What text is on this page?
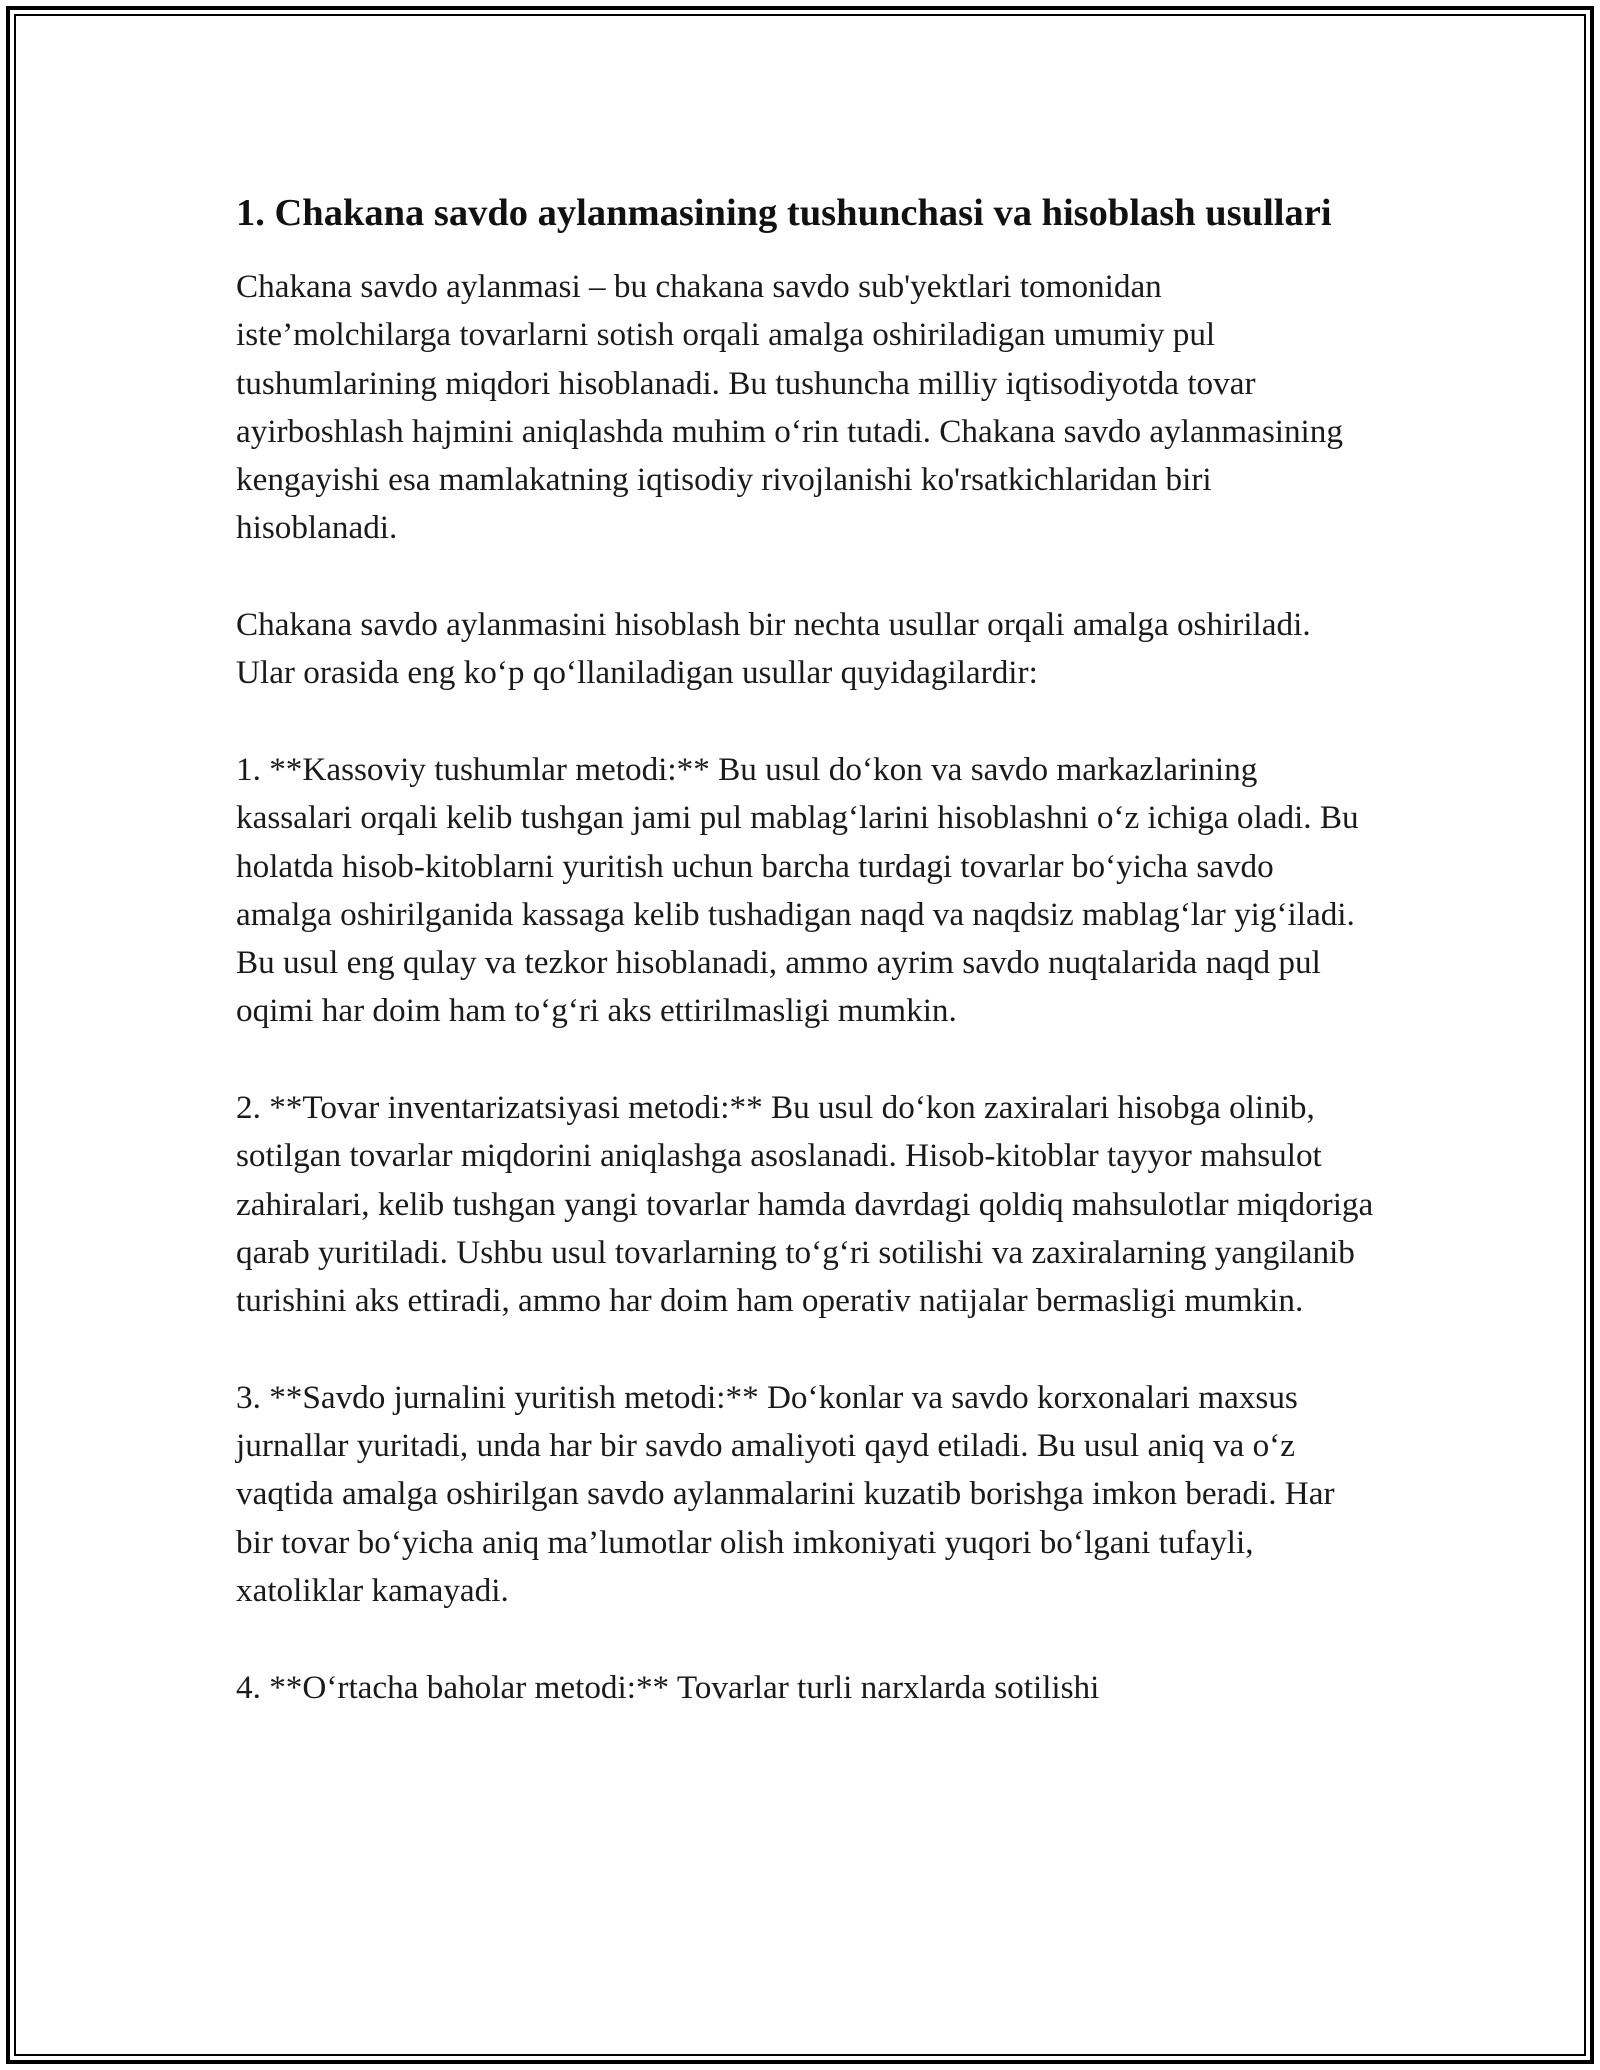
1. Chakana savdo aylanmasining tushunchasi va hisoblash usullari

Chakana savdo aylanmasi – bu chakana savdo sub'yektlari tomonidan iste’molchilarga tovarlarni sotish orqali amalga oshiriladigan umumiy pul tushumlarining miqdori hisoblanadi. Bu tushuncha milliy iqtisodiyotda tovar ayirboshlash hajmini aniqlashda muhim o‘rin tutadi. Chakana savdo aylanmasining kengayishi esa mamlakatning iqtisodiy rivojlanishi ko'rsatkichlaridan biri hisoblanadi.

Chakana savdo aylanmasini hisoblash bir nechta usullar orqali amalga oshiriladi. Ular orasida eng ko‘p qo‘llaniladigan usullar quyidagilardir:

1. **Kassoviy tushumlar metodi:** Bu usul do‘kon va savdo markazlarining kassalari orqali kelib tushgan jami pul mablag‘larini hisoblashni o‘z ichiga oladi. Bu holatda hisob-kitoblarni yuritish uchun barcha turdagi tovarlar bo‘yicha savdo amalga oshirilganida kassaga kelib tushadigan naqd va naqdsiz mablag‘lar yig‘iladi. Bu usul eng qulay va tezkor hisoblanadi, ammo ayrim savdo nuqtalarida naqd pul oqimi har doim ham to‘g‘ri aks ettirilmasligi mumkin.

2. **Tovar inventarizatsiyasi metodi:** Bu usul do‘kon zaxiralari hisobga olinib, sotilgan tovarlar miqdorini aniqlashga asoslanadi. Hisob-kitoblar tayyor mahsulot zahiralari, kelib tushgan yangi tovarlar hamda davrdagi qoldiq mahsulotlar miqdoriga qarab yuritiladi. Ushbu usul tovarlarning to‘g‘ri sotilishi va zaxiralarning yangilanib turishini aks ettiradi, ammo har doim ham operativ natijalar bermasligi mumkin.

3. **Savdo jurnalini yuritish metodi:** Do‘konlar va savdo korxonalari maxsus jurnallar yuritadi, unda har bir savdo amaliyoti qayd etiladi. Bu usul aniq va o‘z vaqtida amalga oshirilgan savdo aylanmalarini kuzatib borishga imkon beradi. Har bir tovar bo‘yicha aniq ma’lumotlar olish imkoniyati yuqori bo‘lgani tufayli, xatoliklar kamayadi.

4. **O‘rtacha baholar metodi:** Tovarlar turli narxlarda sotilishi
